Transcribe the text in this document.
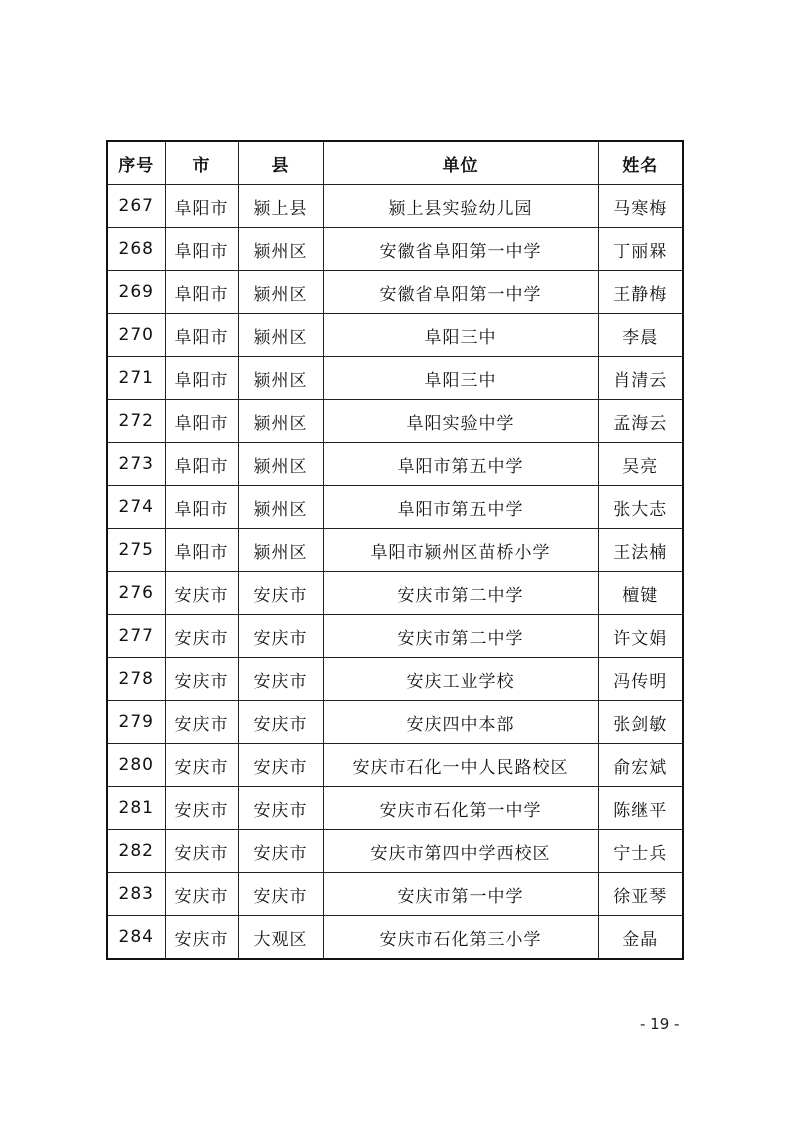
序号	市	县	单位	姓名
267	阜阳市	颍上县	颍上县实验幼儿园	马寒梅
268	阜阳市	颍州区	安徽省阜阳第一中学	丁丽槑
269	阜阳市	颍州区	安徽省阜阳第一中学	王静梅
270	阜阳市	颍州区	阜阳三中	李晨
271	阜阳市	颍州区	阜阳三中	肖清云
272	阜阳市	颍州区	阜阳实验中学	孟海云
273	阜阳市	颍州区	阜阳市第五中学	吴亮
274	阜阳市	颍州区	阜阳市第五中学	张大志
275	阜阳市	颍州区	阜阳市颍州区苗桥小学	王法楠
276	安庆市	安庆市	安庆市第二中学	檀键
277	安庆市	安庆市	安庆市第二中学	许文娟
278	安庆市	安庆市	安庆工业学校	冯传明
279	安庆市	安庆市	安庆四中本部	张剑敏
280	安庆市	安庆市	安庆市石化一中人民路校区	俞宏斌
281	安庆市	安庆市	安庆市石化第一中学	陈继平
282	安庆市	安庆市	安庆市第四中学西校区	宁士兵
283	安庆市	安庆市	安庆市第一中学	徐亚琴
284	安庆市	大观区	安庆市石化第三小学	金晶
- 19 -
